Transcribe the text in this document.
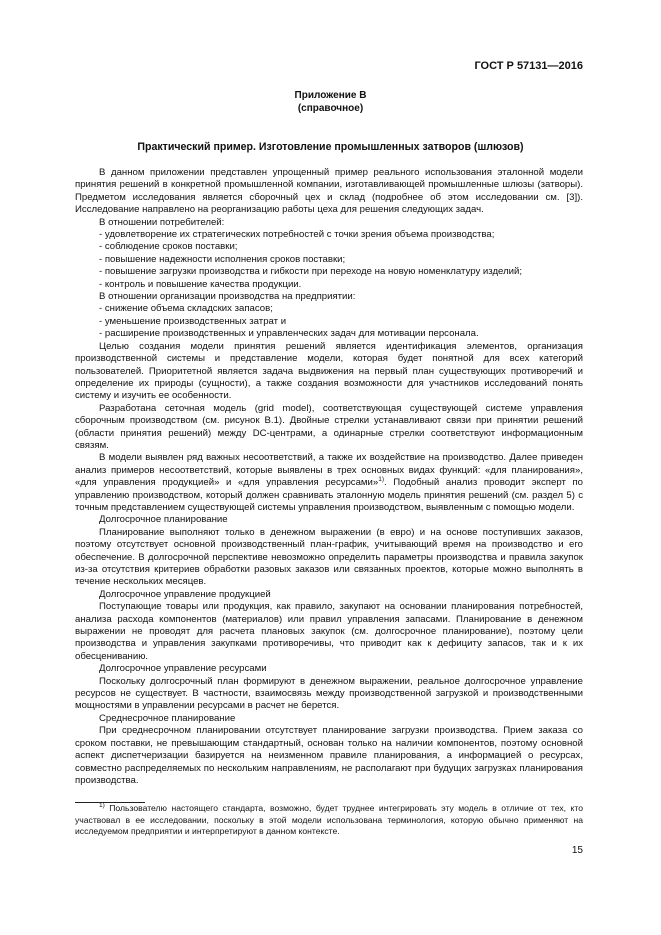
ГОСТ Р 57131—2016
Приложение В
(справочное)
Практический пример. Изготовление промышленных затворов (шлюзов)

В данном приложении представлен упрощенный пример реального использования эталонной модели принятия решений в конкретной промышленной компании, изготавливающей промышленные шлюзы (затворы). Предметом исследования является сборочный цех и склад (подробнее об этом исследовании см. [3]). Исследование направлено на реорганизацию работы цеха для решения следующих задач.

В отношении потребителей:

- удовлетворение их стратегических потребностей с точки зрения объема производства;

- соблюдение сроков поставки;

- повышение надежности исполнения сроков поставки;

- повышение загрузки производства и гибкости при переходе на новую номенклатуру изделий;

- контроль и повышение качества продукции.

В отношении организации производства на предприятии:

- снижение объема складских запасов;

- уменьшение производственных затрат и

- расширение производственных и управленческих задач для мотивации персонала.

Целью создания модели принятия решений является идентификация элементов, организация производственной системы и представление модели, которая будет понятной для всех категорий пользователей. Приоритетной является задача выдвижения на первый план существующих противоречий и определение их природы (сущности), а также создания возможности для участников исследований понять систему и изучить ее особенности.

Разработана сеточная модель (grid model), соответствующая существующей системе управления сборочным производством (см. рисунок В.1). Двойные стрелки устанавливают связи при принятии решений (области принятия решений) между DC-центрами, а одинарные стрелки соответствуют информационным связям.

В модели выявлен ряд важных несоответствий, а также их воздействие на производство. Далее приведен анализ примеров несоответствий, которые выявлены в трех основных видах функций: «для планирования», «для управления продукцией» и «для управления ресурсами»$^{1)}$. Подобный анализ проводит эксперт по управлению производством, который должен сравнивать эталонную модель принятия решений (см. раздел 5) с точным представлением существующей системы управления производством, выявленным с помощью модели.

Долгосрочное планирование

Планирование выполняют только в денежном выражении (в евро) и на основе поступивших заказов, поэтому отсутствует основной производственный план-график, учитывающий время на производство и его обеспечение. В долгосрочной перспективе невозможно определить параметры производства и правила закупок из-за отсутствия критериев обработки разовых заказов или связанных проектов, которые можно выполнять в течение нескольких месяцев.

Долгосрочное управление продукцией

Поступающие товары или продукция, как правило, закупают на основании планирования потребностей, анализа расхода компонентов (материалов) или правил управления запасами. Планирование в денежном выражении не проводят для расчета плановых закупок (см. долгосрочное планирование), поэтому цели производства и управления закупками противоречивы, что приводит как к дефициту запасов, так и к их обесцениванию.

Долгосрочное управление ресурсами

Поскольку долгосрочный план формируют в денежном выражении, реальное долгосрочное управление ресурсов не существует. В частности, взаимосвязь между производственной загрузкой и производственными мощностями в управлении ресурсами в расчет не берется.

Среднесрочное планирование

При среднесрочном планировании отсутствует планирование загрузки производства. Прием заказа со сроком поставки, не превышающим стандартный, основан только на наличии компонентов, поэтому основной аспект диспетчеризации базируется на неизменном правиле планирования, а информацией о ресурсах, совместно распределяемых по нескольким направлениям, не располагают при будущих загрузках планирования производства.

$^{1)}$ Пользователю настоящего стандарта, возможно, будет труднее интегрировать эту модель в отличие от тех, кто участвовал в ее исследовании, поскольку в этой модели использована терминология, которую обычно применяют на исследуемом предприятии и интерпретируют в данном контексте.

15
